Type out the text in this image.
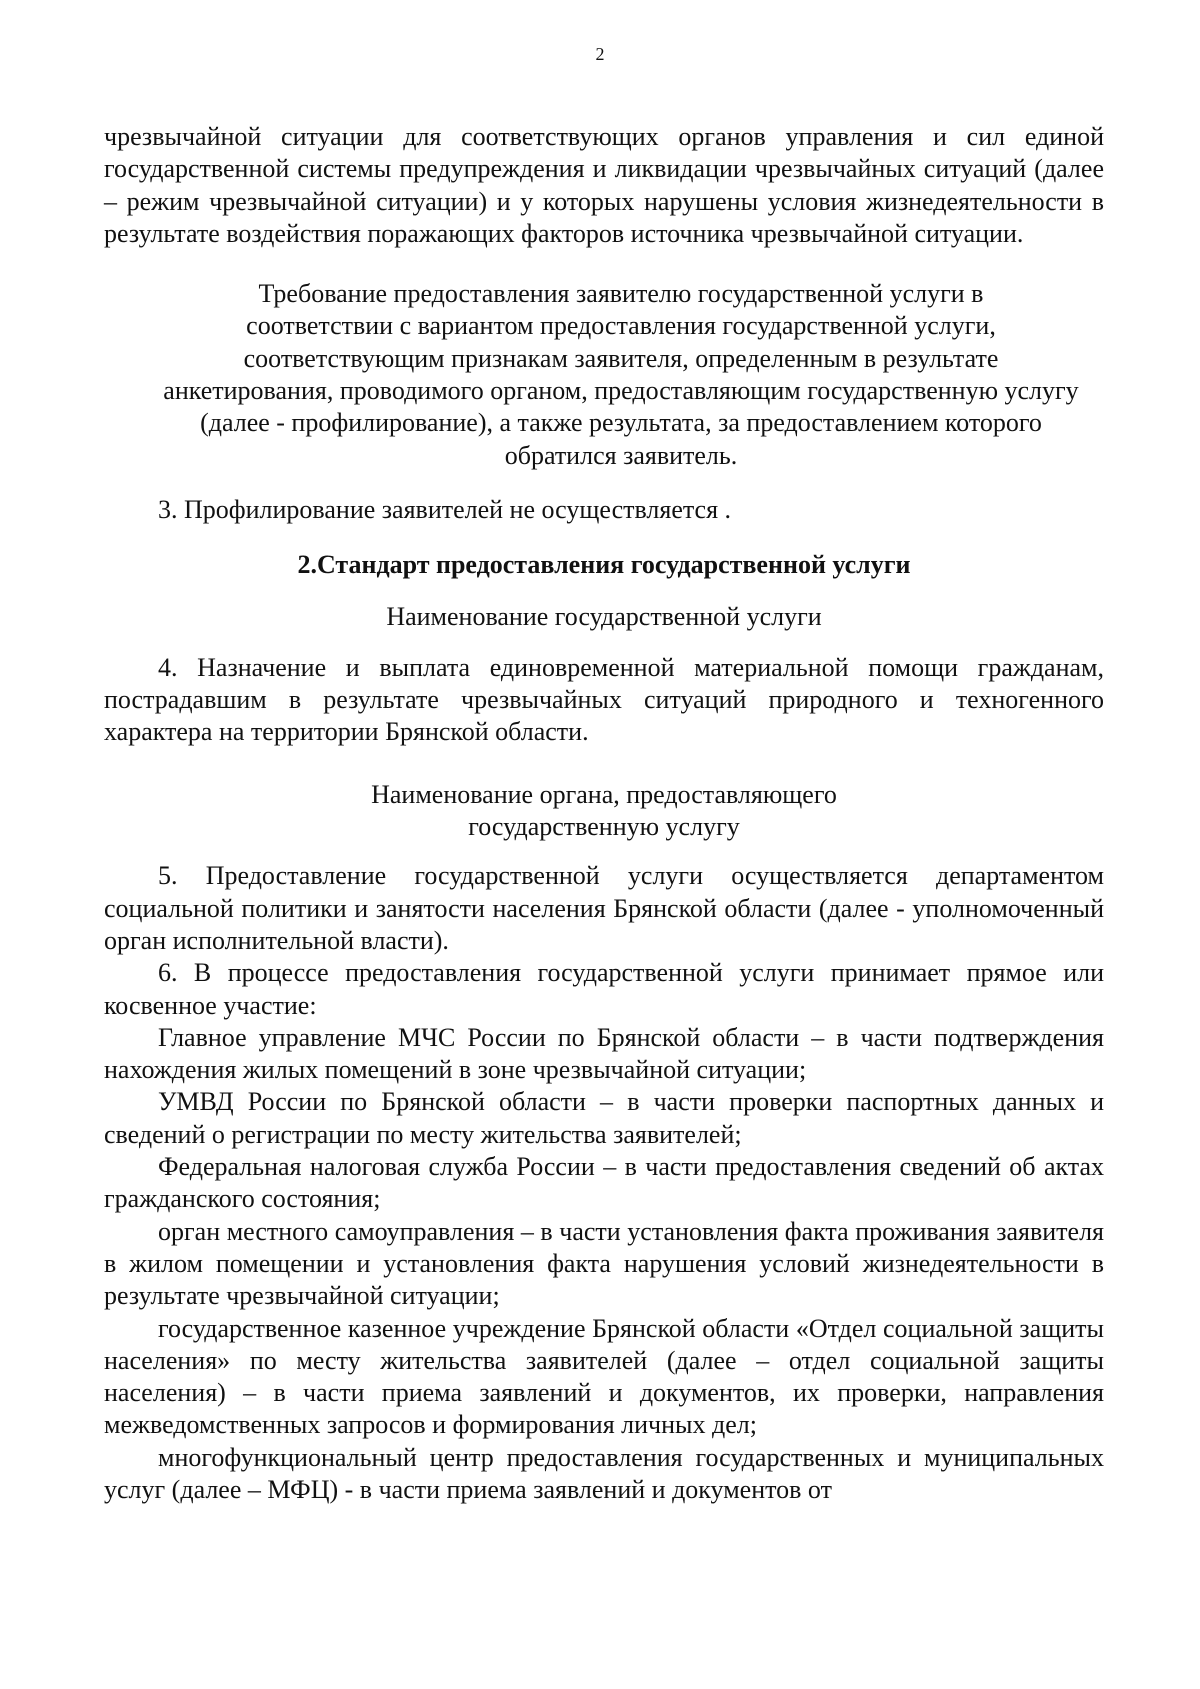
2

чрезвычайной ситуации для соответствующих органов управления и сил единой государственной системы предупреждения и ликвидации чрезвычайных ситуаций (далее – режим чрезвычайной ситуации) и у которых нарушены условия жизнедеятельности в результате воздействия поражающих факторов источника чрезвычайной ситуации.

Требование предоставления заявителю государственной услуги в

соответствии с вариантом предоставления государственной услуги,

соответствующим признакам заявителя, определенным в результате

анкетирования, проводимого органом, предоставляющим государственную услугу

(далее - профилирование), а также результата, за предоставлением которого

обратился заявитель.

3. Профилирование заявителей не осуществляется .

2.Стандарт предоставления государственной услуги

Наименование государственной услуги

4. Назначение и выплата единовременной материальной помощи гражданам, пострадавшим в результате чрезвычайных ситуаций природного и техногенного характера на территории Брянской области.

Наименование органа, предоставляющего

государственную услугу

5. Предоставление государственной услуги осуществляется департаментом социальной политики и занятости населения Брянской области (далее - уполномоченный орган исполнительной власти).

6. В процессе предоставления государственной услуги принимает прямое или косвенное участие:

Главное управление МЧС России по Брянской области – в части подтверждения нахождения жилых помещений в зоне чрезвычайной ситуации;

УМВД России по Брянской области – в части проверки паспортных данных и сведений о регистрации по месту жительства заявителей;

Федеральная налоговая служба России – в части предоставления сведений об актах гражданского состояния;

орган местного самоуправления – в части установления факта проживания заявителя в жилом помещении и установления факта нарушения условий жизнедеятельности в результате чрезвычайной ситуации;

государственное казенное учреждение Брянской области «Отдел социальной защиты населения» по месту жительства заявителей (далее – отдел социальной защиты населения) – в части приема заявлений и документов, их проверки, направления межведомственных запросов и формирования личных дел;

многофункциональный центр предоставления государственных и муниципальных услуг (далее – МФЦ) - в части приема заявлений и документов от
